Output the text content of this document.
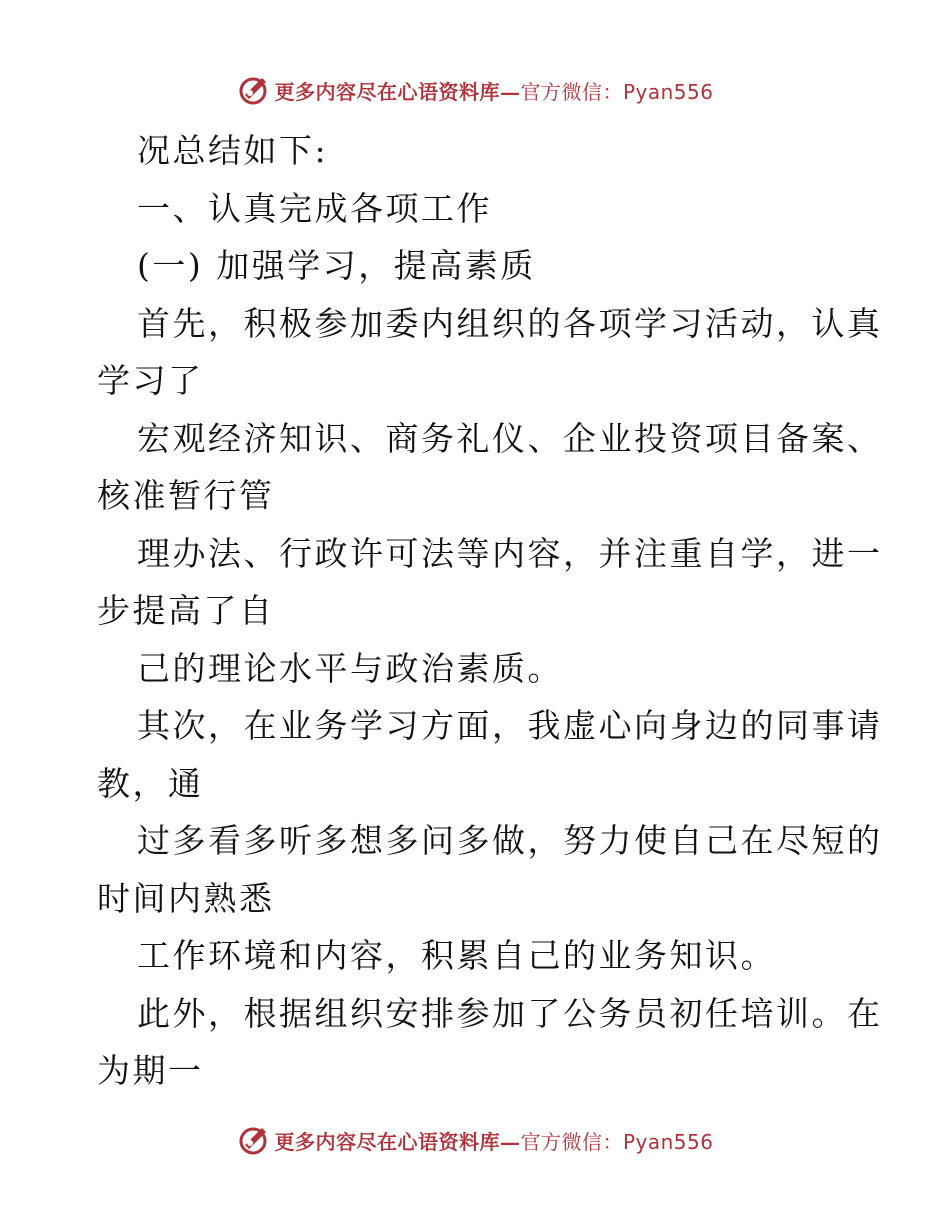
更多内容尽在心语资料库—官方微信：Pyan556
况总结如下:
一、认真完成各项工作
(一) 加强学习，提高素质
首先，积极参加委内组织的各项学习活动，认真
学习了
宏观经济知识、商务礼仪、企业投资项目备案、
核准暂行管
理办法、行政许可法等内容，并注重自学，进一
步提高了自
己的理论水平与政治素质。
其次，在业务学习方面，我虚心向身边的同事请
教，通
过多看多听多想多问多做，努力使自己在尽短的
时间内熟悉
工作环境和内容，积累自己的业务知识。
此外，根据组织安排参加了公务员初任培训。在
为期一
更多内容尽在心语资料库—官方微信：Pyan556
